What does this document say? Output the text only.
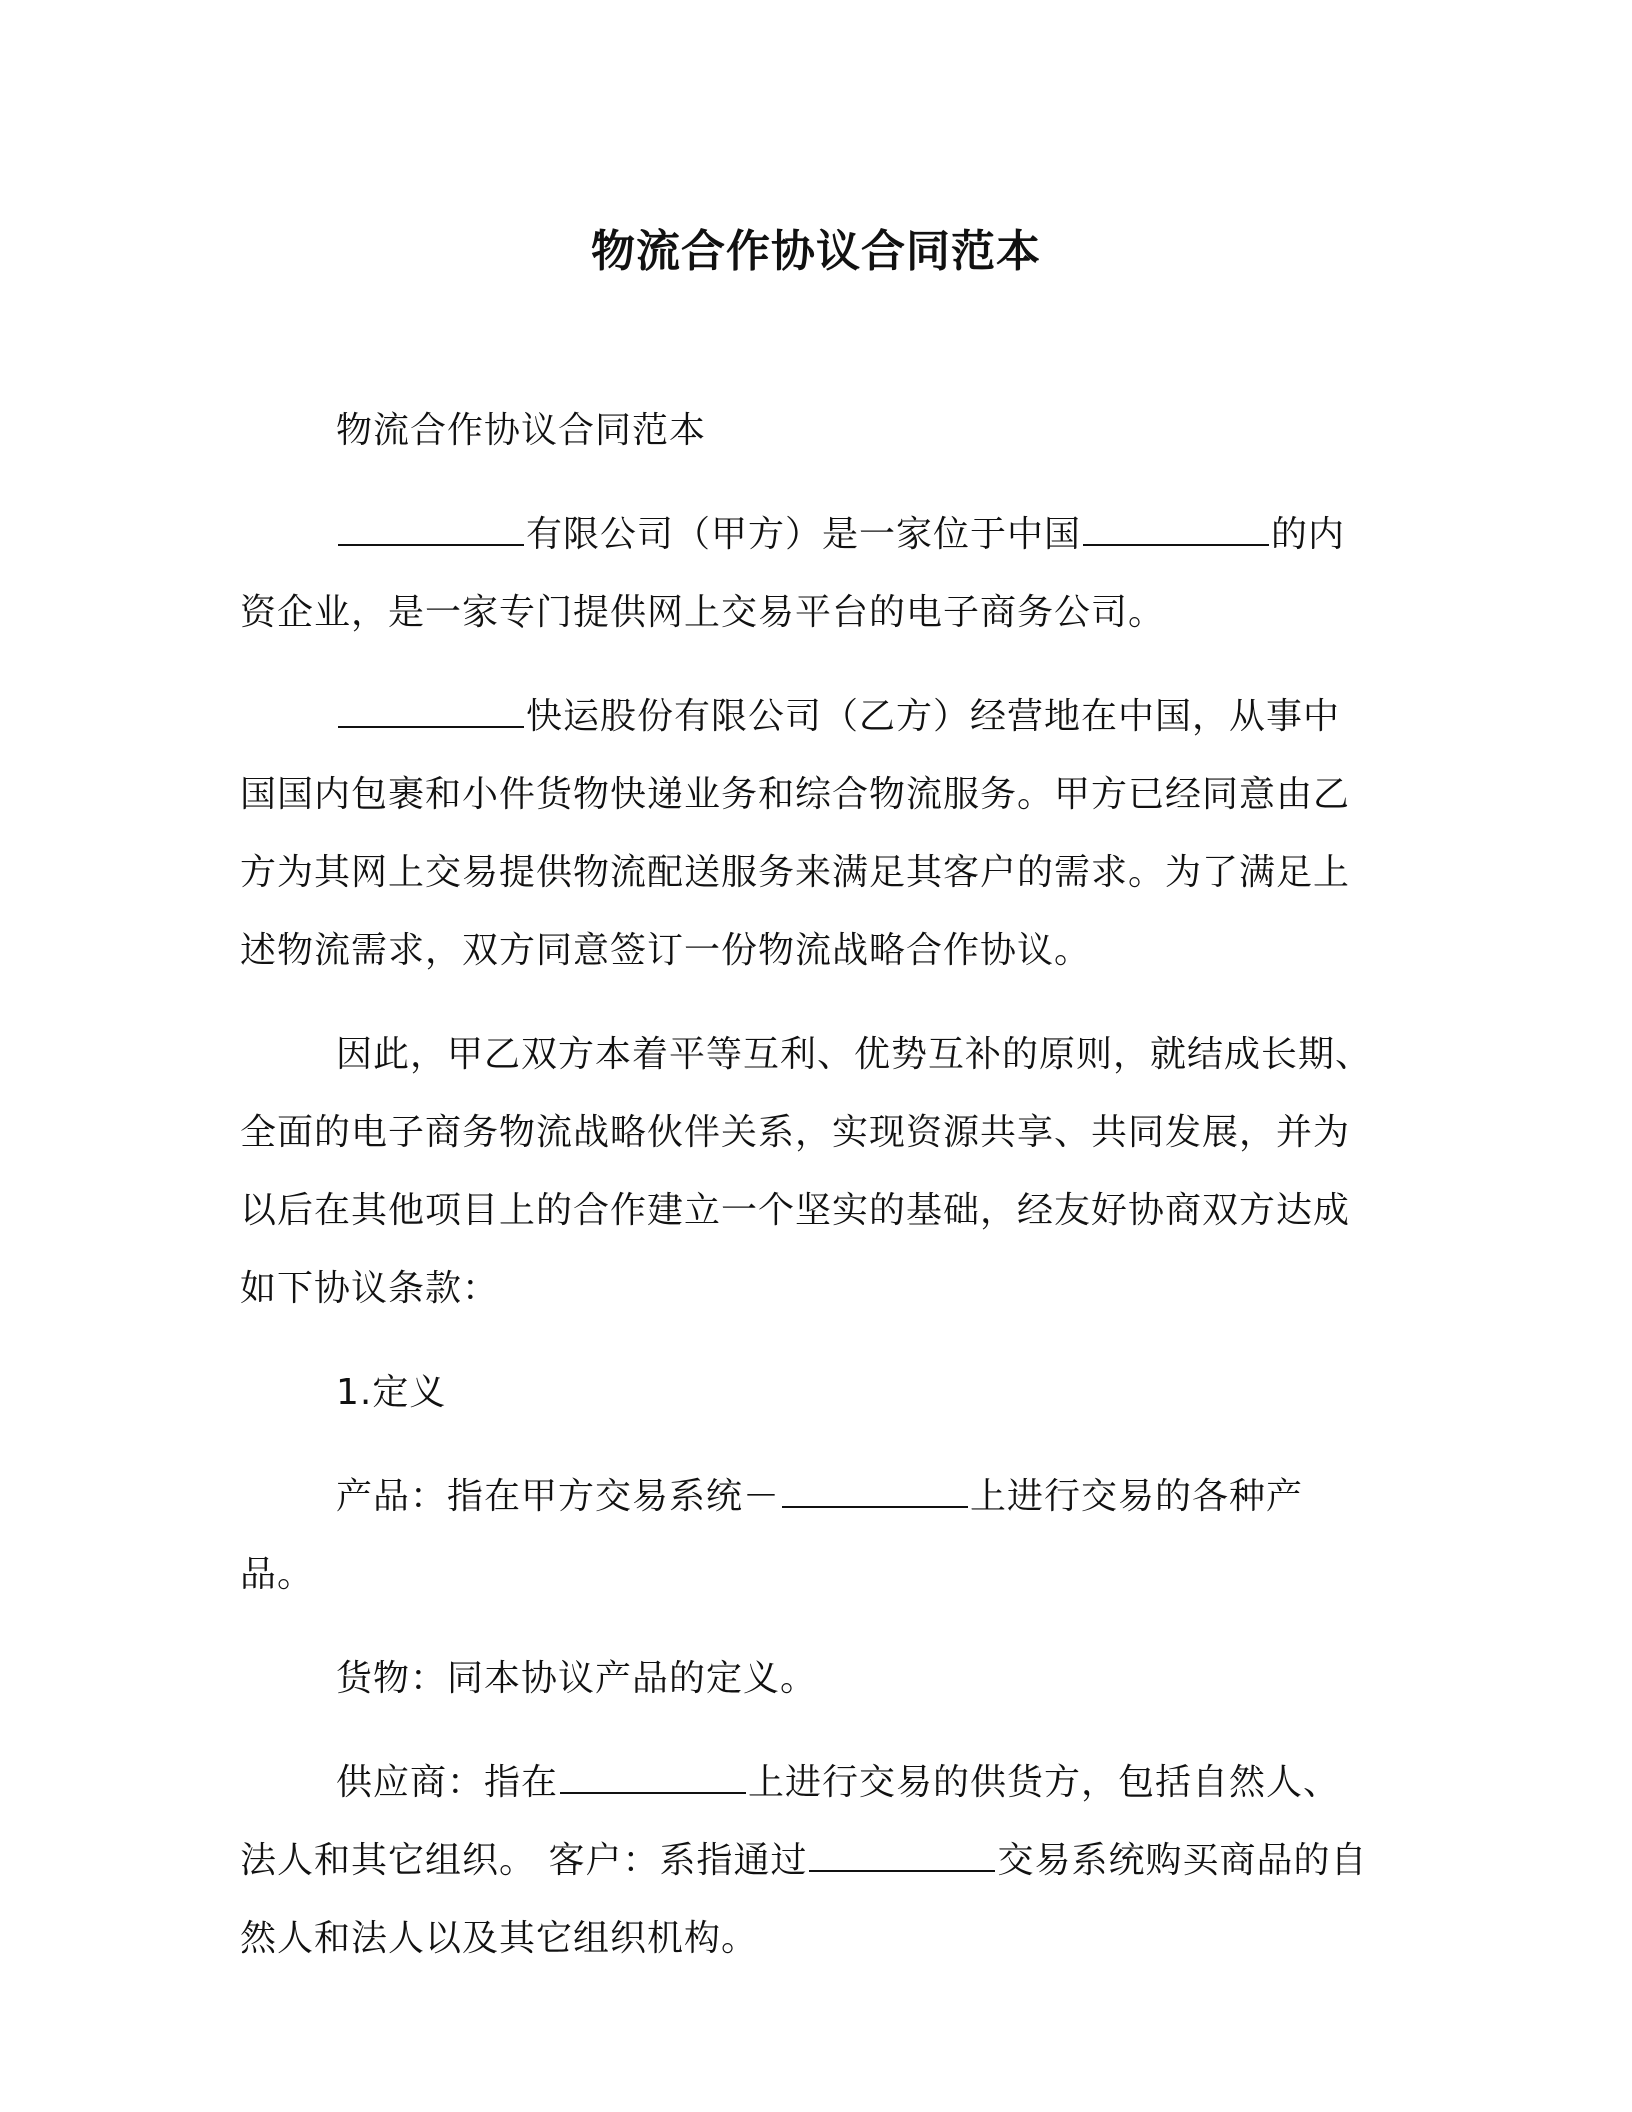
物流合作协议合同范本

物流合作协议合同范本

有限公司（甲方）是一家位于中国	的内资企业，是一家专门提供网上交易平台的电子商务公司。

快运股份有限公司（乙方）经营地在中国，从事中国国内包裹和小件货物快递业务和综合物流服务。甲方已经同意由乙方为其网上交易提供物流配送服务来满足其客户的需求。为了满足上述物流需求，双方同意签订一份物流战略合作协议。

因此，甲乙双方本着平等互利、优势互补的原则，就结成长期、全面的电子商务物流战略伙伴关系，实现资源共享、共同发展，并为以后在其他项目上的合作建立一个坚实的基础，经友好协商双方达成如下协议条款：

1.定义

产品：指在甲方交易系统－	上进行交易的各种产品。

货物：同本协议产品的定义。

供应商：指在	上进行交易的供货方，包括自然人、法人和其它组织。 客户：系指通过	交易系统购买商品的自然人和法人以及其它组织机构。
